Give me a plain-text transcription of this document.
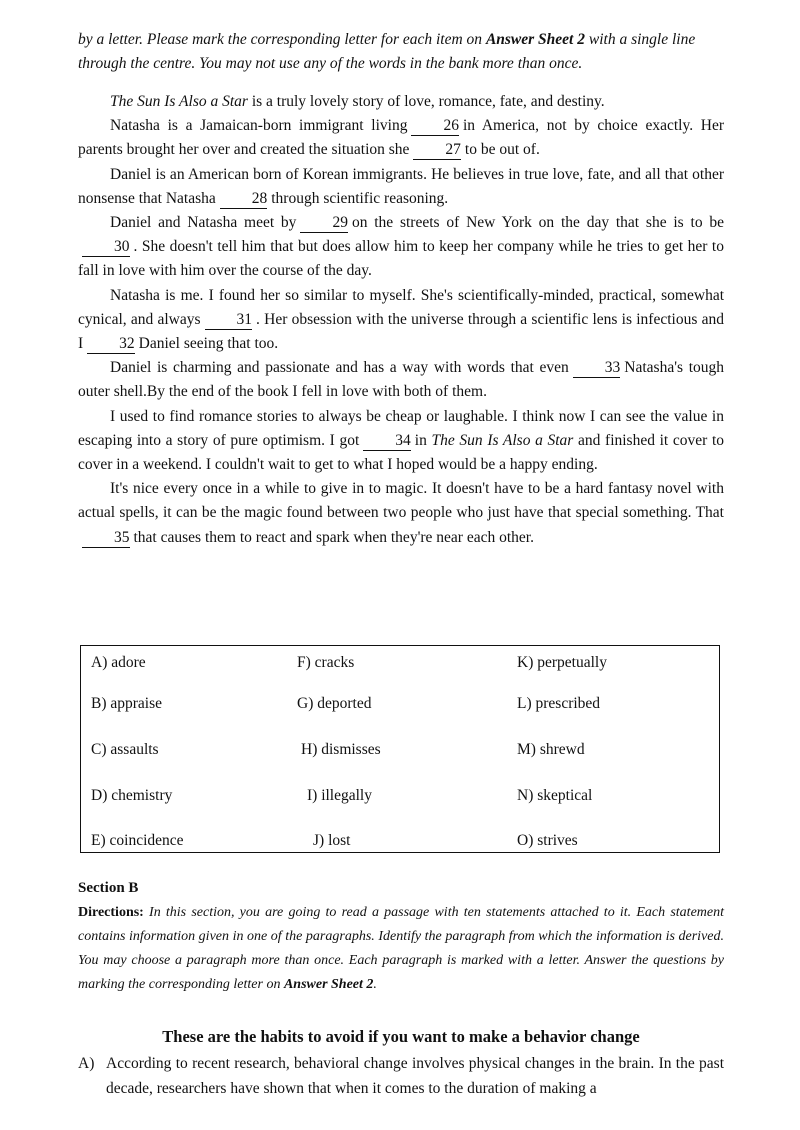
by a letter. Please mark the corresponding letter for each item on Answer Sheet 2 with a single line through the centre. You may not use any of the words in the bank more than once.

The Sun Is Also a Star is a truly lovely story of love, romance, fate, and destiny.

Natasha is a Jamaican-born immigrant living 26 in America, not by choice exactly. Her parents brought her over and created the situation she 27 to be out of.

Daniel is an American born of Korean immigrants. He believes in true love, fate, and all that other nonsense that Natasha 28 through scientific reasoning.

Daniel and Natasha meet by 29 on the streets of New York on the day that she is to be30 . She doesn't tell him that but does allow him to keep her company while he tries to get her to fall in love with him over the course of the day.

Natasha is me. I found her so similar to myself. She's scientifically-minded, practical, somewhat cynical, and always 31 . Her obsession with the universe through a scientific lens is infectious and I 32 Daniel seeing that too.

Daniel is charming and passionate and has a way with words that even 33 Natasha's tough outer shell.By the end of the book I fell in love with both of them.

I used to find romance stories to always be cheap or laughable. I think now I can see the value in escaping into a story of pure optimism. I got 34 in The Sun Is Also a Star and finished it cover to cover in a weekend. I couldn't wait to get to what I hoped would be a happy ending.

It's nice every once in a while to give in to magic. It doesn't have to be a hard fantasy novel with actual spells, it can be the magic found between two people who just have that special something. That35 that causes them to react and spark when they're near each other.

A) adore	F) cracks	K) perpetually
B) appraise	G) deported	L) prescribed
C) assaults	H) dismisses	M) shrewd
D) chemistry	I) illegally	N) skeptical
E) coincidence	J) lost	O) strives

Section B

Directions: In this section, you are going to read a passage with ten statements attached to it. Each statement contains information given in one of the paragraphs. Identify the paragraph from which the information is derived. You may choose a paragraph more than once. Each paragraph is marked with a letter. Answer the questions by marking the corresponding letter on Answer Sheet 2.

These are the habits to avoid if you want to make a behavior change
A) According to recent research, behavioral change involves physical changes in the brain. In the past decade, researchers have shown that when it comes to the duration of making a
